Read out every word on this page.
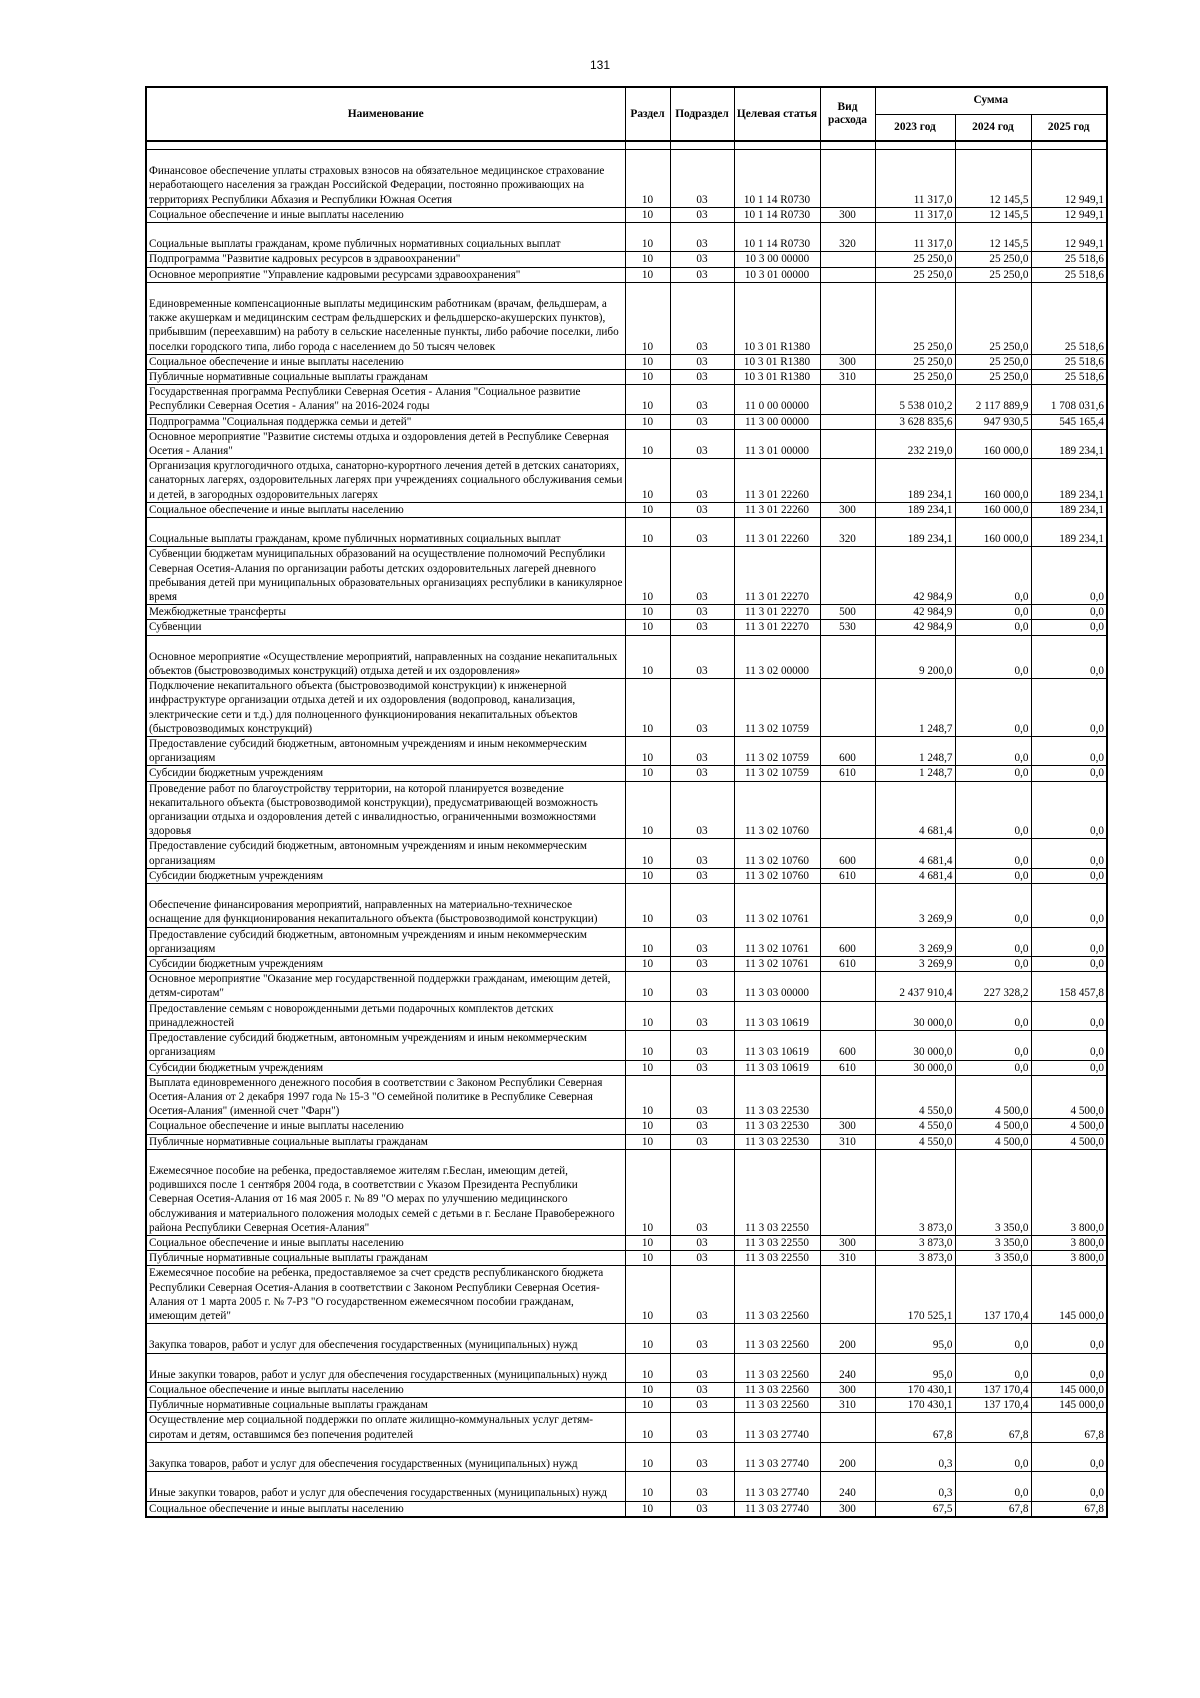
131
Наименование	Раздел	Подраздел	Целевая статья	Вид расхода	Сумма		
					2023 год	2024 год	2025 год

Финансовое обеспечение уплаты страховых взносов на обязательное медицинское страхование неработающего населения за граждан Российской Федерации, постоянно проживающих на территориях Республики Абхазия и Республики Южная Осетия	10	03	10 1 14 R0730		11 317,0	12 145,5	12 949,1
Социальное обеспечение и иные выплаты населению	10	03	10 1 14 R0730	300	11 317,0	12 145,5	12 949,1
Социальные выплаты гражданам, кроме публичных нормативных социальных выплат	10	03	10 1 14 R0730	320	11 317,0	12 145,5	12 949,1
Подпрограмма "Развитие кадровых ресурсов в здравоохранении"	10	03	10 3 00 00000		25 250,0	25 250,0	25 518,6
Основное мероприятие "Управление кадровыми ресурсами здравоохранения"	10	03	10 3 01 00000		25 250,0	25 250,0	25 518,6
Единовременные компенсационные выплаты медицинским работникам (врачам, фельдшерам, а также акушеркам и медицинским сестрам фельдшерских и фельдшерско-акушерских пунктов), прибывшим (переехавшим) на работу в сельские населенные пункты, либо рабочие поселки, либо поселки городского типа, либо города с населением до 50 тысяч человек	10	03	10 3 01 R1380		25 250,0	25 250,0	25 518,6
Социальное обеспечение и иные выплаты населению	10	03	10 3 01 R1380	300	25 250,0	25 250,0	25 518,6
Публичные нормативные социальные выплаты гражданам	10	03	10 3 01 R1380	310	25 250,0	25 250,0	25 518,6
Государственная программа Республики Северная Осетия - Алания "Социальное развитие Республики Северная Осетия - Алания" на 2016-2024 годы	10	03	11 0 00 00000		5 538 010,2	2 117 889,9	1 708 031,6
Подпрограмма "Социальная поддержка семьи и детей"	10	03	11 3 00 00000		3 628 835,6	947 930,5	545 165,4
Основное мероприятие "Развитие системы отдыха и оздоровления детей в Республике Северная Осетия - Алания"	10	03	11 3 01 00000		232 219,0	160 000,0	189 234,1
Организация круглогодичного отдыха, санаторно-курортного лечения детей в детских санаториях, санаторных лагерях, оздоровительных лагерях при учреждениях социального обслуживания семьи и детей, в загородных оздоровительных лагерях	10	03	11 3 01 22260		189 234,1	160 000,0	189 234,1
Социальное обеспечение и иные выплаты населению	10	03	11 3 01 22260	300	189 234,1	160 000,0	189 234,1
Социальные выплаты гражданам, кроме публичных нормативных социальных выплат	10	03	11 3 01 22260	320	189 234,1	160 000,0	189 234,1
Субвенции бюджетам муниципальных образований на осуществление полномочий Республики Северная Осетия-Алания по организации работы детских оздоровительных лагерей дневного пребывания детей при муниципальных образовательных организациях республики в каникулярное время	10	03	11 3 01 22270		42 984,9	0,0	0,0
Межбюджетные трансферты	10	03	11 3 01 22270	500	42 984,9	0,0	0,0
Субвенции	10	03	11 3 01 22270	530	42 984,9	0,0	0,0
Основное мероприятие «Осуществление мероприятий, направленных на создание некапитальных объектов (быстровозводимых конструкций) отдыха детей и их оздоровления»	10	03	11 3 02 00000		9 200,0	0,0	0,0
Подключение некапитального объекта (быстровозводимой конструкции) к инженерной инфраструктуре организации отдыха детей и их оздоровления (водопровод, канализация, электрические сети и т.д.) для полноценного функционирования некапитальных объектов (быстровозводимых конструкций)	10	03	11 3 02 10759		1 248,7	0,0	0,0
Предоставление субсидий бюджетным, автономным учреждениям и иным некоммерческим организациям	10	03	11 3 02 10759	600	1 248,7	0,0	0,0
Субсидии бюджетным учреждениям	10	03	11 3 02 10759	610	1 248,7	0,0	0,0
Проведение работ по благоустройству территории, на которой планируется возведение некапитального объекта (быстровозводимой конструкции), предусматривающей возможность организации отдыха и оздоровления детей с инвалидностью, ограниченными возможностями здоровья	10	03	11 3 02 10760		4 681,4	0,0	0,0
Предоставление субсидий бюджетным, автономным учреждениям и иным некоммерческим организациям	10	03	11 3 02 10760	600	4 681,4	0,0	0,0
Субсидии бюджетным учреждениям	10	03	11 3 02 10760	610	4 681,4	0,0	0,0
Обеспечение финансирования мероприятий, направленных на материально-техническое оснащение для функционирования некапитального объекта (быстровозводимой конструкции)	10	03	11 3 02 10761		3 269,9	0,0	0,0
Предоставление субсидий бюджетным, автономным учреждениям и иным некоммерческим организациям	10	03	11 3 02 10761	600	3 269,9	0,0	0,0
Субсидии бюджетным учреждениям	10	03	11 3 02 10761	610	3 269,9	0,0	0,0
Основное мероприятие "Оказание мер государственной поддержки гражданам, имеющим детей, детям-сиротам"	10	03	11 3 03 00000		2 437 910,4	227 328,2	158 457,8
Предоставление семьям с новорожденными детьми подарочных комплектов детских принадлежностей	10	03	11 3 03 10619		30 000,0	0,0	0,0
Предоставление субсидий бюджетным, автономным учреждениям и иным некоммерческим организациям	10	03	11 3 03 10619	600	30 000,0	0,0	0,0
Субсидии бюджетным учреждениям	10	03	11 3 03 10619	610	30 000,0	0,0	0,0
Выплата единовременного денежного пособия в соответствии с Законом Республики Северная Осетия-Алания от 2 декабря 1997 года № 15-3 "О семейной политике в Республике Северная Осетия-Алания" (именной счет "Фарн")	10	03	11 3 03 22530		4 550,0	4 500,0	4 500,0
Социальное обеспечение и иные выплаты населению	10	03	11 3 03 22530	300	4 550,0	4 500,0	4 500,0
Публичные нормативные социальные выплаты гражданам	10	03	11 3 03 22530	310	4 550,0	4 500,0	4 500,0
Ежемесячное пособие на ребенка, предоставляемое жителям г.Беслан, имеющим детей, родившихся после 1 сентября 2004 года, в соответствии с Указом Президента Республики Северная Осетия-Алания от 16 мая 2005 г. № 89 "О мерах по улучшению медицинского обслуживания и материального положения молодых семей с детьми в г. Беслане Правобережного района Республики Северная Осетия-Алания"	10	03	11 3 03 22550		3 873,0	3 350,0	3 800,0
Социальное обеспечение и иные выплаты населению	10	03	11 3 03 22550	300	3 873,0	3 350,0	3 800,0
Публичные нормативные социальные выплаты гражданам	10	03	11 3 03 22550	310	3 873,0	3 350,0	3 800,0
Ежемесячное пособие на ребенка, предоставляемое за счет средств республиканского бюджета Республики Северная Осетия-Алания в соответствии с Законом Республики Северная Осетия-Алания от 1 марта 2005 г. № 7-РЗ "О государственном ежемесячном пособии гражданам, имеющим детей"	10	03	11 3 03 22560		170 525,1	137 170,4	145 000,0
Закупка товаров, работ и услуг для обеспечения государственных (муниципальных) нужд	10	03	11 3 03 22560	200	95,0	0,0	0,0
Иные закупки товаров, работ и услуг для обеспечения государственных (муниципальных) нужд	10	03	11 3 03 22560	240	95,0	0,0	0,0
Социальное обеспечение и иные выплаты населению	10	03	11 3 03 22560	300	170 430,1	137 170,4	145 000,0
Публичные нормативные социальные выплаты гражданам	10	03	11 3 03 22560	310	170 430,1	137 170,4	145 000,0
Осуществление мер социальной поддержки по оплате жилищно-коммунальных услуг детям-сиротам и детям, оставшимся без попечения родителей	10	03	11 3 03 27740		67,8	67,8	67,8
Закупка товаров, работ и услуг для обеспечения государственных (муниципальных) нужд	10	03	11 3 03 27740	200	0,3	0,0	0,0
Иные закупки товаров, работ и услуг для обеспечения государственных (муниципальных) нужд	10	03	11 3 03 27740	240	0,3	0,0	0,0
Социальное обеспечение и иные выплаты населению	10	03	11 3 03 27740	300	67,5	67,8	67,8
